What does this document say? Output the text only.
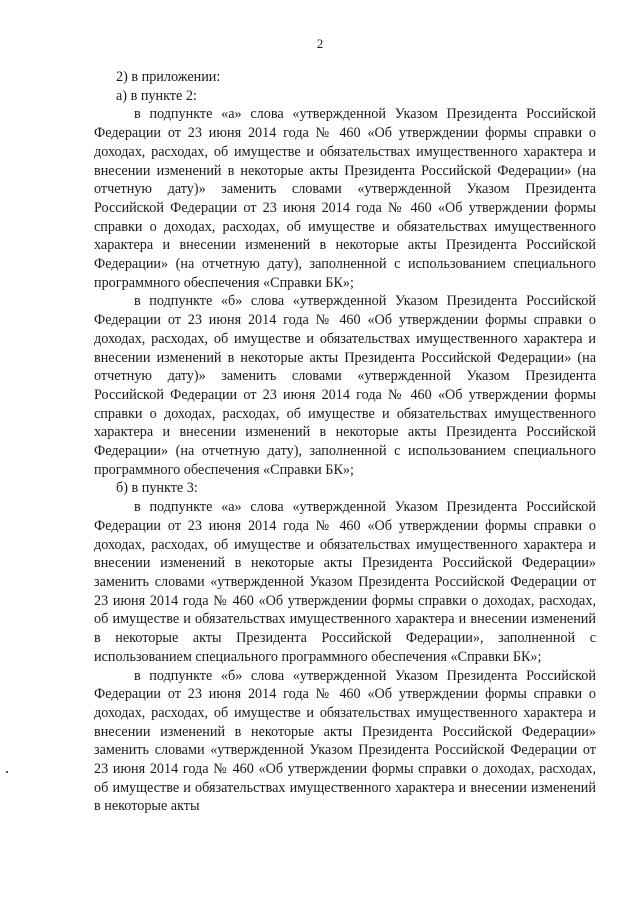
2

2) в приложении:

а) в пункте 2:

в подпункте «а» слова «утвержденной Указом Президента Российской Федерации от 23 июня 2014 года № 460 «Об утверждении формы справки о доходах, расходах, об имуществе и обязательствах имущественного характера и внесении изменений в некоторые акты Президента Российской Федерации» (на отчетную дату)» заменить словами «утвержденной Указом Президента Российской Федерации от 23 июня 2014 года № 460 «Об утверждении формы справки о доходах, расходах, об имуществе и обязательствах имущественного характера и внесении изменений в некоторые акты Президента Российской Федерации» (на отчетную дату), заполненной с использованием специального программного обеспечения «Справки БК»;

в подпункте «б» слова «утвержденной Указом Президента Российской Федерации от 23 июня 2014 года № 460 «Об утверждении формы справки о доходах, расходах, об имуществе и обязательствах имущественного характера и внесении изменений в некоторые акты Президента Российской Федерации» (на отчетную дату)» заменить словами «утвержденной Указом Президента Российской Федерации от 23 июня 2014 года № 460 «Об утверждении формы справки о доходах, расходах, об имуществе и обязательствах имущественного характера и внесении изменений в некоторые акты Президента Российской Федерации» (на отчетную дату), заполненной с использованием специального программного обеспечения «Справки БК»;

б) в пункте 3:

в подпункте «а» слова «утвержденной Указом Президента Российской Федерации от 23 июня 2014 года № 460 «Об утверждении формы справки о доходах, расходах, об имуществе и обязательствах имущественного характера и внесении изменений в некоторые акты Президента Российской Федерации» заменить словами «утвержденной Указом Президента Российской Федерации от 23 июня 2014 года № 460 «Об утверждении формы справки о доходах, расходах, об имуществе и обязательствах имущественного характера и внесении изменений в некоторые акты Президента Российской Федерации», заполненной с использованием специального программного обеспечения «Справки БК»;

в подпункте «б» слова «утвержденной Указом Президента Российской Федерации от 23 июня 2014 года № 460 «Об утверждении формы справки о доходах, расходах, об имуществе и обязательствах имущественного характера и внесении изменений в некоторые акты Президента Российской Федерации» заменить словами «утвержденной Указом Президента Российской Федерации от 23 июня 2014 года № 460 «Об утверждении формы справки о доходах, расходах, об имуществе и обязательствах имущественного характера и внесении изменений в некоторые акты
